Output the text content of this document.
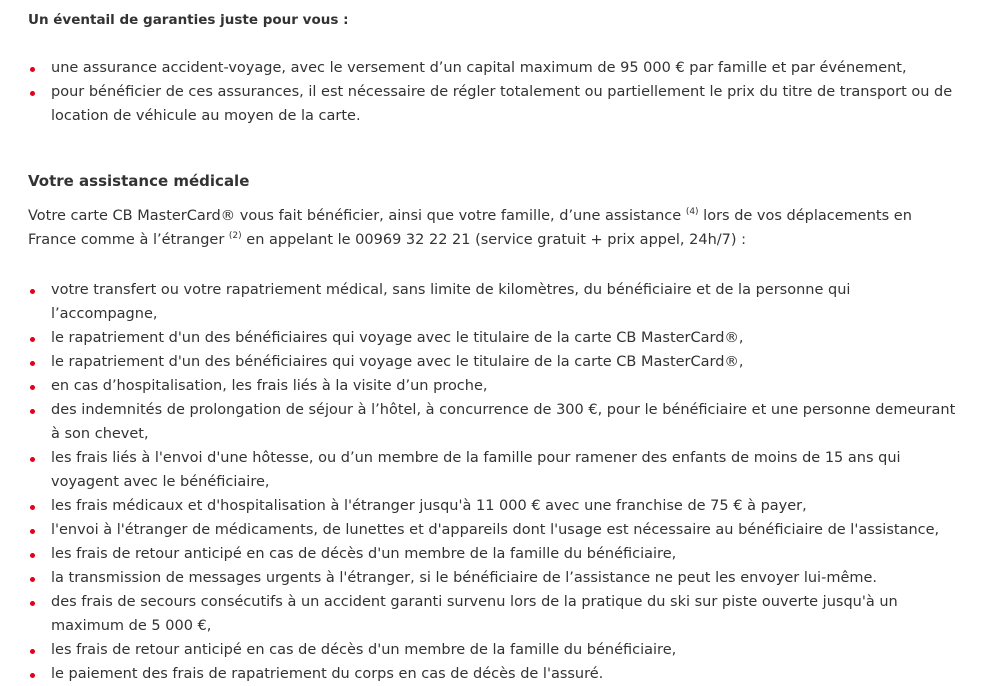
Un éventail de garanties juste pour vous :
une assurance accident-voyage, avec le versement d’un capital maximum de 95 000 € par famille et par événement,
pour bénéficier de ces assurances, il est nécessaire de régler totalement ou partiellement le prix du titre de transport ou de location de véhicule au moyen de la carte.
Votre assistance médicale

Votre carte CB MasterCard® vous fait bénéficier, ainsi que votre famille, d’une assistance $^{(4)}$ lors de vos déplacements en France comme à l’étranger $^{(2)}$ en appelant le 00969 32 22 21 (service gratuit + prix appel, 24h/7) :

votre transfert ou votre rapatriement médical, sans limite de kilomètres, du bénéficiaire et de la personne qui l’accompagne,
le rapatriement d'un des bénéficiaires qui voyage avec le titulaire de la carte CB MasterCard®,
le rapatriement d'un des bénéficiaires qui voyage avec le titulaire de la carte CB MasterCard®,
en cas d’hospitalisation, les frais liés à la visite d’un proche,
des indemnités de prolongation de séjour à l’hôtel, à concurrence de 300 €, pour le bénéficiaire et une personne demeurant à son chevet,
les frais liés à l'envoi d'une hôtesse, ou d’un membre de la famille pour ramener des enfants de moins de 15 ans qui voyagent avec le bénéficiaire,
les frais médicaux et d'hospitalisation à l'étranger jusqu'à 11 000 € avec une franchise de 75 € à payer,
l'envoi à l'étranger de médicaments, de lunettes et d'appareils dont l'usage est nécessaire au bénéficiaire de l'assistance,
les frais de retour anticipé en cas de décès d'un membre de la famille du bénéficiaire,
la transmission de messages urgents à l'étranger, si le bénéficiaire de l’assistance ne peut les envoyer lui-même.
des frais de secours consécutifs à un accident garanti survenu lors de la pratique du ski sur piste ouverte jusqu'à un maximum de 5 000 €,
les frais de retour anticipé en cas de décès d'un membre de la famille du bénéficiaire,
le paiement des frais de rapatriement du corps en cas de décès de l'assuré.
